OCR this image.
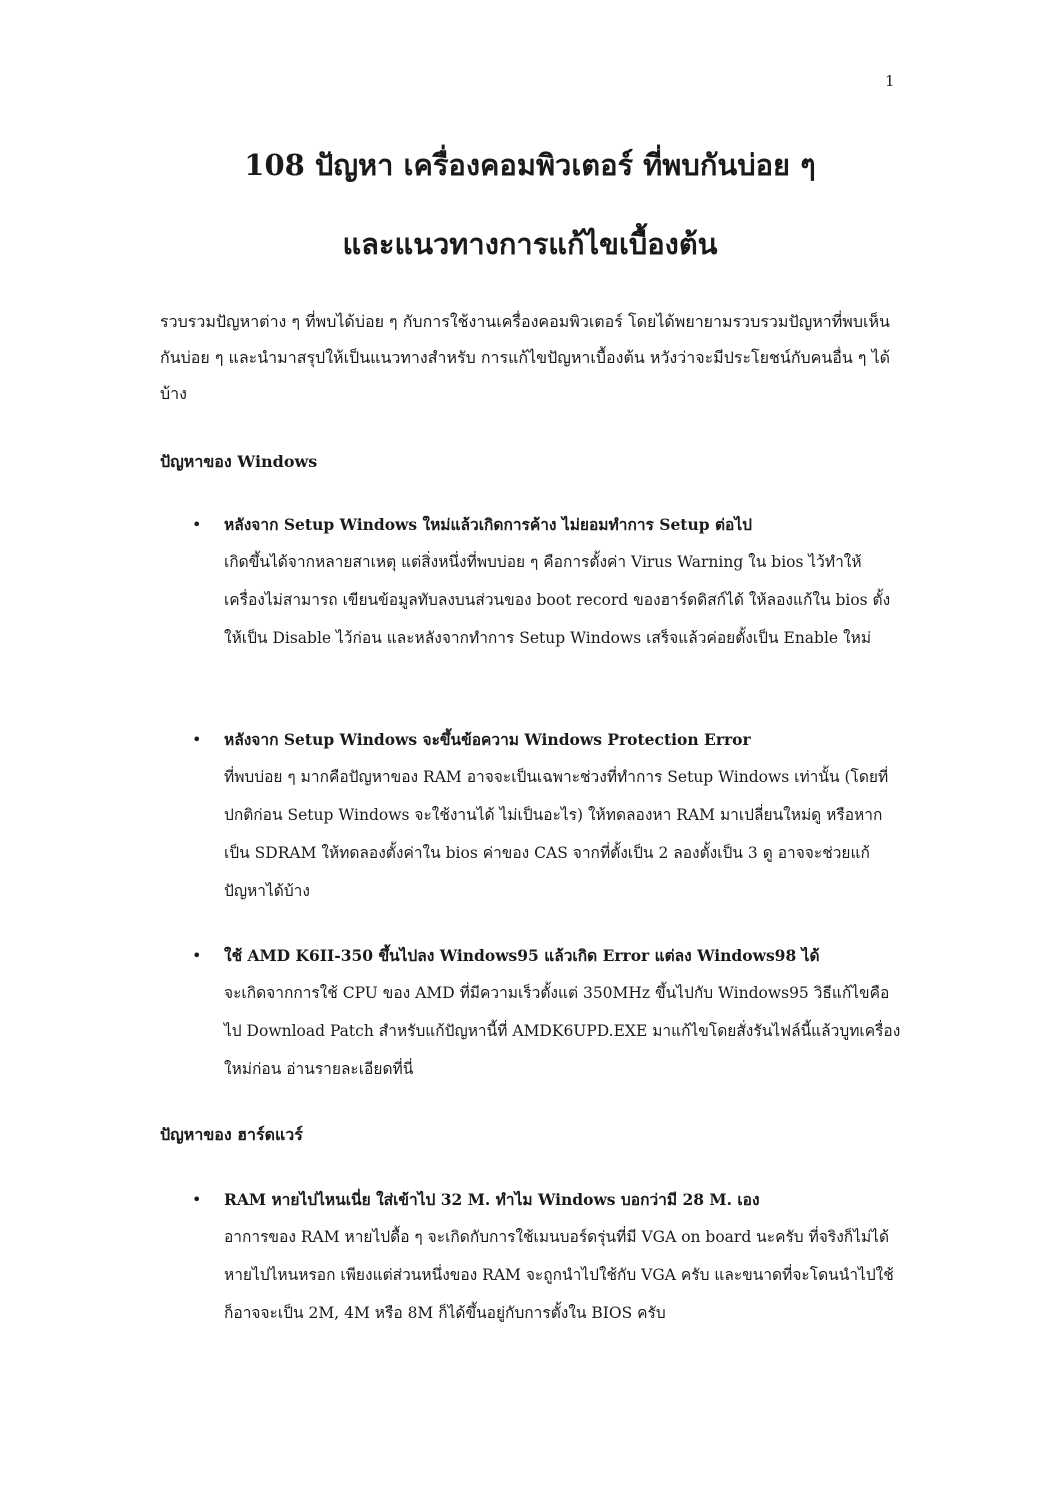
1
108 ปัญหา เครื่องคอมพิวเตอร์ ที่พบกันบ่อย ๆ
และแนวทางการแก้ไขเบื้องต้น

รวบรวมปัญหาต่าง ๆ ที่พบได้บ่อย ๆ กับการใช้งานเครื่องคอมพิวเตอร์ โดยได้พยายามรวบรวมปัญหาที่พบเห็นกันบ่อย ๆ และนำมาสรุปให้เป็นแนวทางสำหรับ การแก้ไขปัญหาเบื้องต้น หวังว่าจะมีประโยชน์กับคนอื่น ๆ ได้บ้าง

ปัญหาของ Windows
• หลังจาก Setup Windows ใหม่แล้วเกิดการค้าง ไม่ยอมทำการ Setup ต่อไป

เกิดขึ้นได้จากหลายสาเหตุ แต่สิ่งหนึ่งที่พบบ่อย ๆ คือการตั้งค่า Virus Warning ใน bios ไว้ทำให้เครื่องไม่สามารถ เขียนข้อมูลทับลงบนส่วนของ boot record ของฮาร์ดดิสก์ได้ ให้ลองแก้ใน bios ตั้งให้เป็น Disable ไว้ก่อน และหลังจากทำการ Setup Windows เสร็จแล้วค่อยตั้งเป็น Enable ใหม่

• หลังจาก Setup Windows จะขึ้นข้อความ Windows Protection Error

ที่พบบ่อย ๆ มากคือปัญหาของ RAM อาจจะเป็นเฉพาะช่วงที่ทำการ Setup Windows เท่านั้น (โดยที่ปกติก่อน Setup Windows จะใช้งานได้ ไม่เป็นอะไร) ให้ทดลองหา RAM มาเปลี่ยนใหม่ดู หรือหากเป็น SDRAM ให้ทดลองตั้งค่าใน bios ค่าของ CAS จากที่ตั้งเป็น 2 ลองตั้งเป็น 3 ดู อาจจะช่วยแก้ปัญหาได้บ้าง

• ใช้ AMD K6II-350 ขึ้นไปลง Windows95 แล้วเกิด Error แต่ลง Windows98 ได้

จะเกิดจากการใช้ CPU ของ AMD ที่มีความเร็วตั้งแต่ 350MHz ขึ้นไปกับ Windows95 วิธีแก้ไขคือ ไป Download Patch สำหรับแก้ปัญหานี้ที่ AMDK6UPD.EXE มาแก้ไขโดยสั่งรันไฟล์นี้แล้วบูทเครื่องใหม่ก่อน อ่านรายละเอียดที่นี่

ปัญหาของ ฮาร์ดแวร์
• RAM หายไปไหนเนี่ย ใส่เข้าไป 32 M. ทำไม Windows บอกว่ามี 28 M. เอง

อาการของ RAM หายไปดื้อ ๆ จะเกิดกับการใช้เมนบอร์ดรุ่นที่มี VGA on board นะครับ ที่จริงก็ไม่ได้หายไปไหนหรอก เพียงแต่ส่วนหนึ่งของ RAM จะถูกนำไปใช้กับ VGA ครับ และขนาดที่จะโดนนำไปใช้ก็อาจจะเป็น 2M, 4M หรือ 8M ก็ได้ขึ้นอยู่กับการตั้งใน BIOS ครับ
